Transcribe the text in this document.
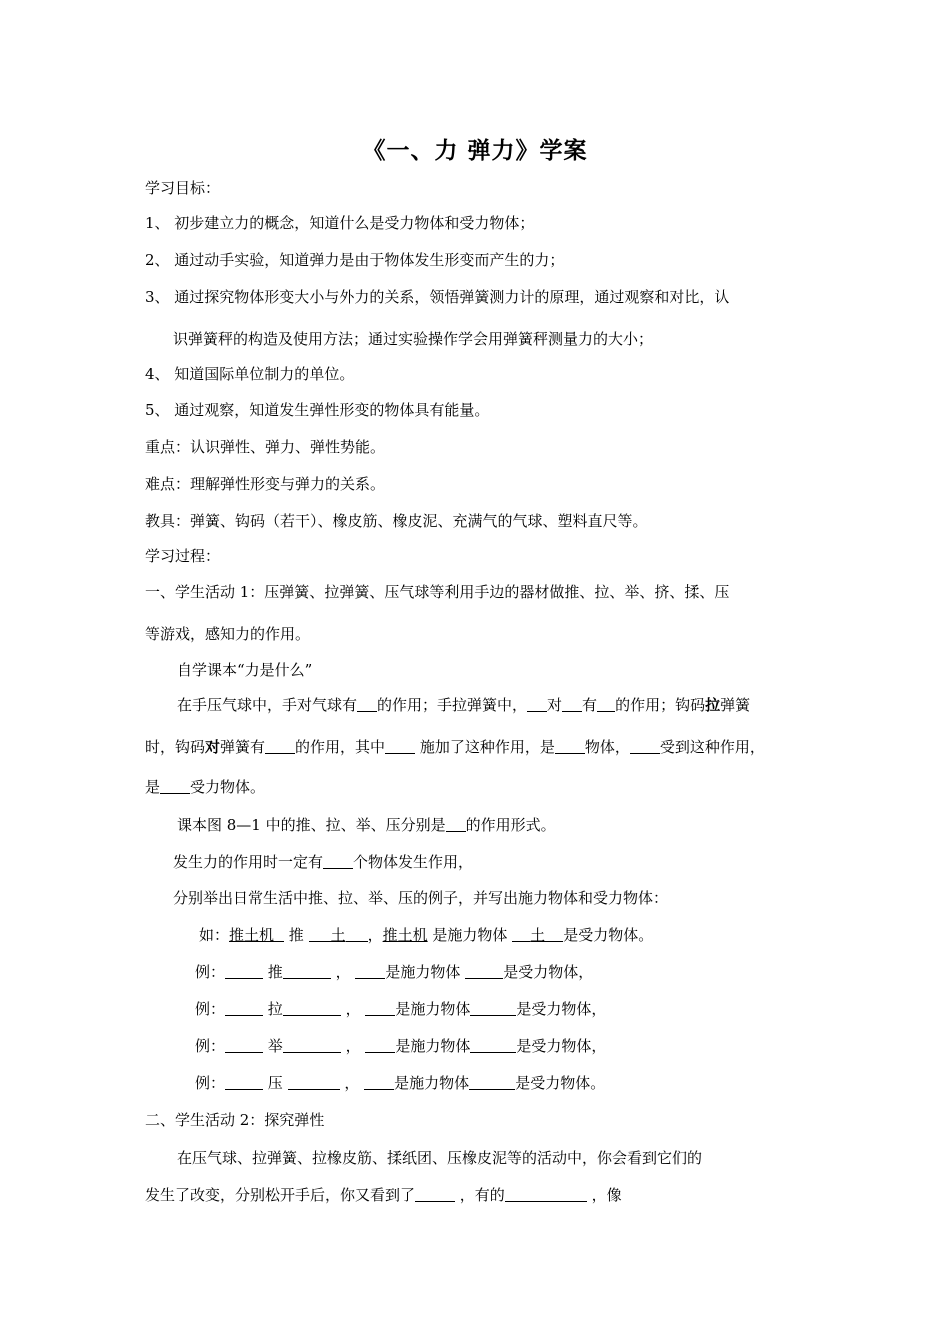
《一、力 弹力》学案
学习目标：
1、 初步建立力的概念，知道什么是受力物体和受力物体；
2、 通过动手实验，知道弹力是由于物体发生形变而产生的力；
3、 通过探究物体形变大小与外力的关系，领悟弹簧测力计的原理，通过观察和对比，认
识弹簧秤的构造及使用方法；通过实验操作学会用弹簧秤测量力的大小；
4、 知道国际单位制力的单位。
5、 通过观察，知道发生弹性形变的物体具有能量。
重点：认识弹性、弹力、弹性势能。
难点：理解弹性形变与弹力的关系。
教具：弹簧、钩码（若干）、橡皮筋、橡皮泥、充满气的气球、塑料直尺等。
学习过程：
一、学生活动 1：压弹簧、拉弹簧、压气球等利用手边的器材做推、拉、举、挤、揉、压
等游戏，感知力的作用。
自学课本“力是什么”
在手压气球中，手对气球有 的作用；手拉弹簧中， 对 有 的作用；钩码拉弹簧
时，钩码对弹簧有 的作用，其中 施加了这种作用，是 物体， 受到这种作用，
是 受力物体。
课本图 8—1 中的推、拉、举、压分别是 的作用形式。
发生力的作用时一定有 个物体发生作用，
分别举出日常生活中推、拉、举、压的例子，并写出施力物体和受力物体：
如：推土机 推 土 ，推土机 是施力物体 土 是受力物体。
例：	推	， 是施力物体	是受力物体，
例：	拉	， 是施力物体	是受力物体，
例：	举	， 是施力物体	是受力物体，
例：	压	， 是施力物体	是受力物体。
二、学生活动 2：探究弹性
在压气球、拉弹簧、拉橡皮筋、揉纸团、压橡皮泥等的活动中，你会看到它们的
发生了改变，分别松开手后，你又看到了	，有的	，像
